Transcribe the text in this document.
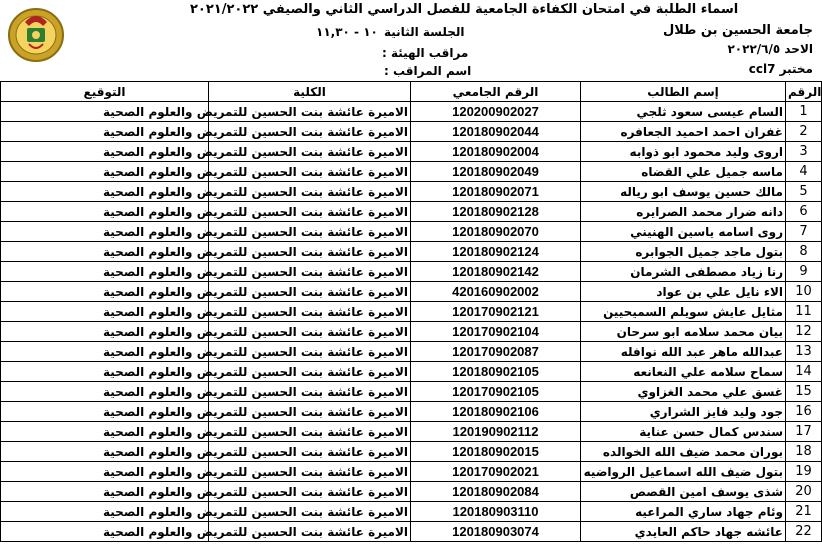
اسماء الطلبة في امتحان الكفاءة الجامعية للفصل الدراسي الثاني والصيفي ٢٠٢١/٢٠٢٢
جامعة الحسين بن طلال
١٠ - ١١,٣٠ الجلسة الثانية
الاحد ٢٠٢٢/٦/٥
مراقب الهيئة :
مختبر ccl7
اسم المراقب :
التوقيع	الكلية	الرقم الجامعي	إسم الطالب	الرقم
	الاميرة عائشة بنت الحسين للتمريض والعلوم الصحية	120200902027	السام عيسى سعود ثلجي	1
	الاميرة عائشة بنت الحسين للتمريض والعلوم الصحية	120180902044	غفران احمد احميد الجعافره	2
	الاميرة عائشة بنت الحسين للتمريض والعلوم الصحية	120180902004	اروى وليد محمود ابو ذوابه	3
	الاميرة عائشة بنت الحسين للتمريض والعلوم الصحية	120180902049	ماسه جميل علي القضاه	4
	الاميرة عائشة بنت الحسين للتمريض والعلوم الصحية	120180902071	مالك حسين يوسف ابو رياله	5
	الاميرة عائشة بنت الحسين للتمريض والعلوم الصحية	120180902128	دانه ضرار محمد الصرايره	6
	الاميرة عائشة بنت الحسين للتمريض والعلوم الصحية	120180902070	روى اسامه ياسين الهنيني	7
	الاميرة عائشة بنت الحسين للتمريض والعلوم الصحية	120180902124	بتول ماجد جميل الجوابره	8
	الاميرة عائشة بنت الحسين للتمريض والعلوم الصحية	120180902142	رنا زياد مصطفى الشرمان	9
	الاميرة عائشة بنت الحسين للتمريض والعلوم الصحية	420160902002	الاء نايل علي بن عواد	10
	الاميرة عائشة بنت الحسين للتمريض والعلوم الصحية	120170902121	مثايل عايش سويلم السميحيين	11
	الاميرة عائشة بنت الحسين للتمريض والعلوم الصحية	120170902104	بيان محمد سلامه ابو سرحان	12
	الاميرة عائشة بنت الحسين للتمريض والعلوم الصحية	120170902087	عبدالله ماهر عبد الله نوافله	13
	الاميرة عائشة بنت الحسين للتمريض والعلوم الصحية	120180902105	سماح سلامه علي النعانعه	14
	الاميرة عائشة بنت الحسين للتمريض والعلوم الصحية	120170902105	غسق علي محمد الغزاوي	15
	الاميرة عائشة بنت الحسين للتمريض والعلوم الصحية	120180902106	جود وليد فايز الشراري	16
	الاميرة عائشة بنت الحسين للتمريض والعلوم الصحية	120190902112	سندس كمال حسن عناية	17
	الاميرة عائشة بنت الحسين للتمريض والعلوم الصحية	120180902015	بوران محمد ضيف الله الخوالده	18
	الاميرة عائشة بنت الحسين للتمريض والعلوم الصحية	120170902021	بتول ضيف الله اسماعيل الرواضيه	19
	الاميرة عائشة بنت الحسين للتمريض والعلوم الصحية	120180902084	شذى يوسف امين القصص	20
	الاميرة عائشة بنت الحسين للتمريض والعلوم الصحية	120180903110	وئام جهاد ساري المراعيه	21
	الاميرة عائشة بنت الحسين للتمريض والعلوم الصحية	120180903074	عائشه جهاد حاكم العايدي	22
